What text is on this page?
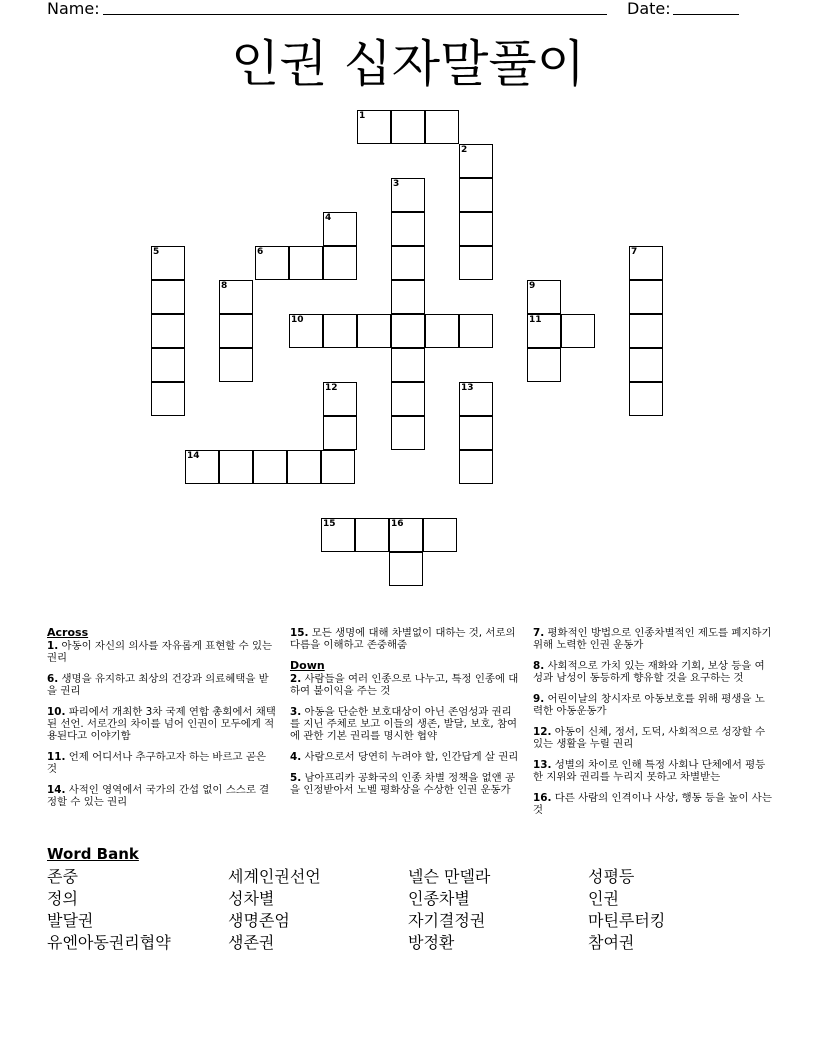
Name:	Date:
인권 십자말풀이
1
2
3
4
5	6	7
8	9
10	11
12	13
14
15	16
Across
1. 아동이 자신의 의사를 자유롭게 표현할 수 있는 권리
6. 생명을 유지하고 최상의 건강과 의료혜택을 받을 권리
10. 파리에서 개최한 3차 국제 연합 총회에서 채택된 선언. 서로간의 차이를 넘어 인권이 모두에게 적용된다고 이야기함
11. 언제 어디서나 추구하고자 하는 바르고 곧은 것
14. 사적인 영역에서 국가의 간섭 없이 스스로 결정할 수 있는 권리
15. 모든 생명에 대해 차별없이 대하는 것, 서로의 다름을 이해하고 존중해줌
Down
2. 사람들을 여러 인종으로 나누고, 특정 인종에 대하여 불이익을 주는 것
3. 아동을 단순한 보호대상이 아닌 존엄성과 권리를 지닌 주체로 보고 이들의 생존, 발달, 보호, 참여에 관한 기본 권리를 명시한 협약
4. 사람으로서 당연히 누려야 할, 인간답게 살 권리
5. 남아프리카 공화국의 인종 차별 정책을 없앤 공을 인정받아서 노벨 평화상을 수상한 인권 운동가
7. 평화적인 방법으로 인종차별적인 제도를 폐지하기 위해 노력한 인권 운동가
8. 사회적으로 가치 있는 재화와 기회, 보상 등을 여성과 남성이 동등하게 향유할 것을 요구하는 것
9. 어린이날의 창시자로 아동보호를 위해 평생을 노력한 아동운동가
12. 아동이 신체, 정서, 도덕, 사회적으로 성장할 수 있는 생활을 누릴 권리
13. 성별의 차이로 인해 특정 사회나 단체에서 평등한 지위와 권리를 누리지 못하고 차별받는
16. 다른 사람의 인격이나 사상, 행동 등을 높이 사는 것
Word Bank
존중	세계인권선언	넬슨 만델라	성평등
정의	성차별	인종차별	인권
발달권	생명존엄	자기결정권	마틴루터킹
유엔아동권리협약	생존권	방정환	참여권
